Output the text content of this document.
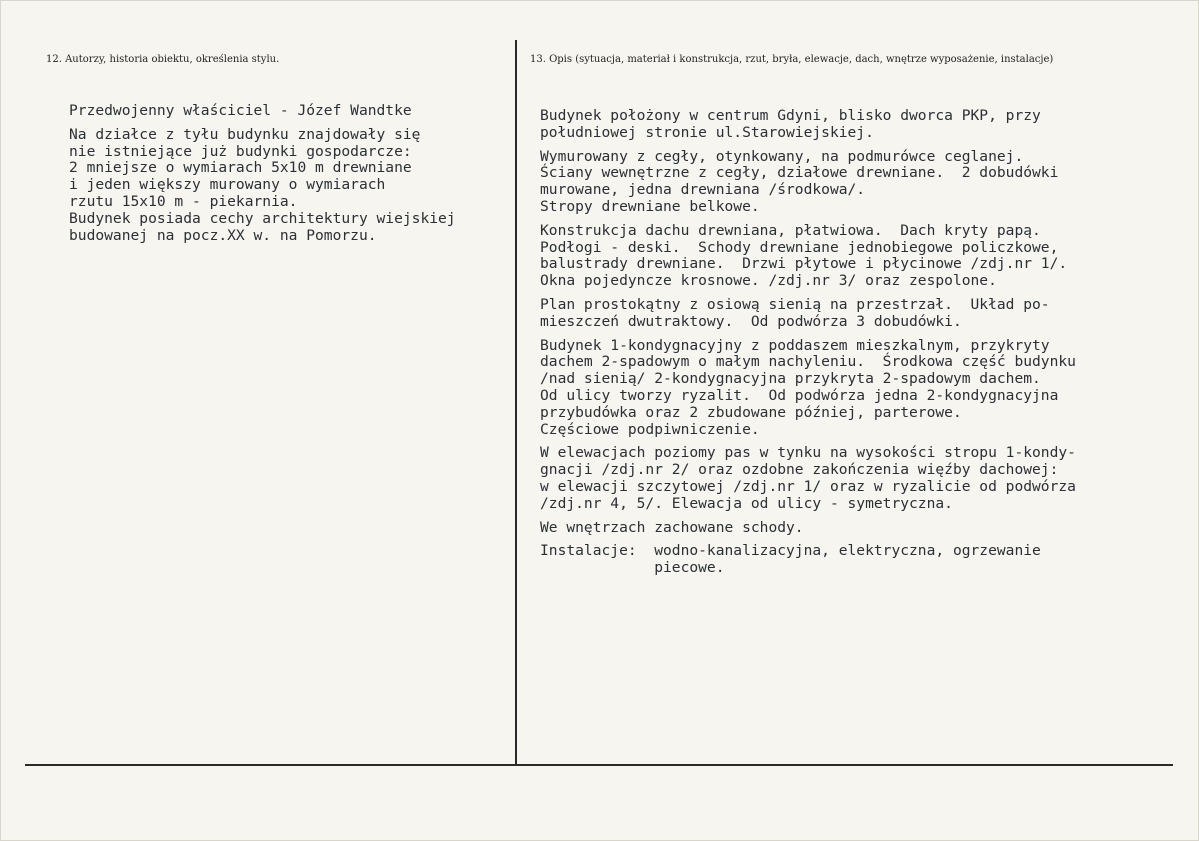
12. Autorzy, historia obiektu, określenia stylu.	13. Opis (sytuacja, materiał i konstrukcja, rzut, bryła, elewacje, dach, wnętrze wyposażenie, instalacje)
Przedwojenny właściciel - Józef Wandtke
Na działce z tyłu budynku znajdowały się
nie istniejące już budynki gospodarcze:
2 mniejsze o wymiarach 5x10 m drewniane
i jeden większy murowany o wymiarach
rzutu 15x10 m - piekarnia.
Budynek posiada cechy architektury wiejskiej
budowanej na pocz.XX w. na Pomorzu.
Budynek położony w centrum Gdyni, blisko dworca PKP, przy
południowej stronie ul.Starowiejskiej.
Wymurowany z cegły, otynkowany, na podmurówce ceglanej.
Ściany wewnętrzne z cegły, działowe drewniane.  2 dobudówki
murowane, jedna drewniana /środkowa/.
Stropy drewniane belkowe.
Konstrukcja dachu drewniana, płatwiowa.  Dach kryty papą.
Podłogi - deski.  Schody drewniane jednobiegowe policzkowe,
balustrady drewniane.  Drzwi płytowe i płycinowe /zdj.nr 1/.
Okna pojedyncze krosnowe. /zdj.nr 3/ oraz zespolone.
Plan prostokątny z osiową sienią na przestrzał.  Układ po-
mieszczeń dwutraktowy.  Od podwórza 3 dobudówki.
Budynek 1-kondygnacyjny z poddaszem mieszkalnym, przykryty
dachem 2-spadowym o małym nachyleniu.  Środkowa część budynku
/nad sienią/ 2-kondygnacyjna przykryta 2-spadowym dachem.
Od ulicy tworzy ryzalit.  Od podwórza jedna 2-kondygnacyjna
przybudówka oraz 2 zbudowane później, parterowe.
Częściowe podpiwniczenie.
W elewacjach poziomy pas w tynku na wysokości stropu 1-kondy-
gnacji /zdj.nr 2/ oraz ozdobne zakończenia więźby dachowej:
w elewacji szczytowej /zdj.nr 1/ oraz w ryzalicie od podwórza
/zdj.nr 4, 5/. Elewacja od ulicy - symetryczna.
We wnętrzach zachowane schody.
Instalacje:  wodno-kanalizacyjna, elektryczna, ogrzewanie
piecowe.
